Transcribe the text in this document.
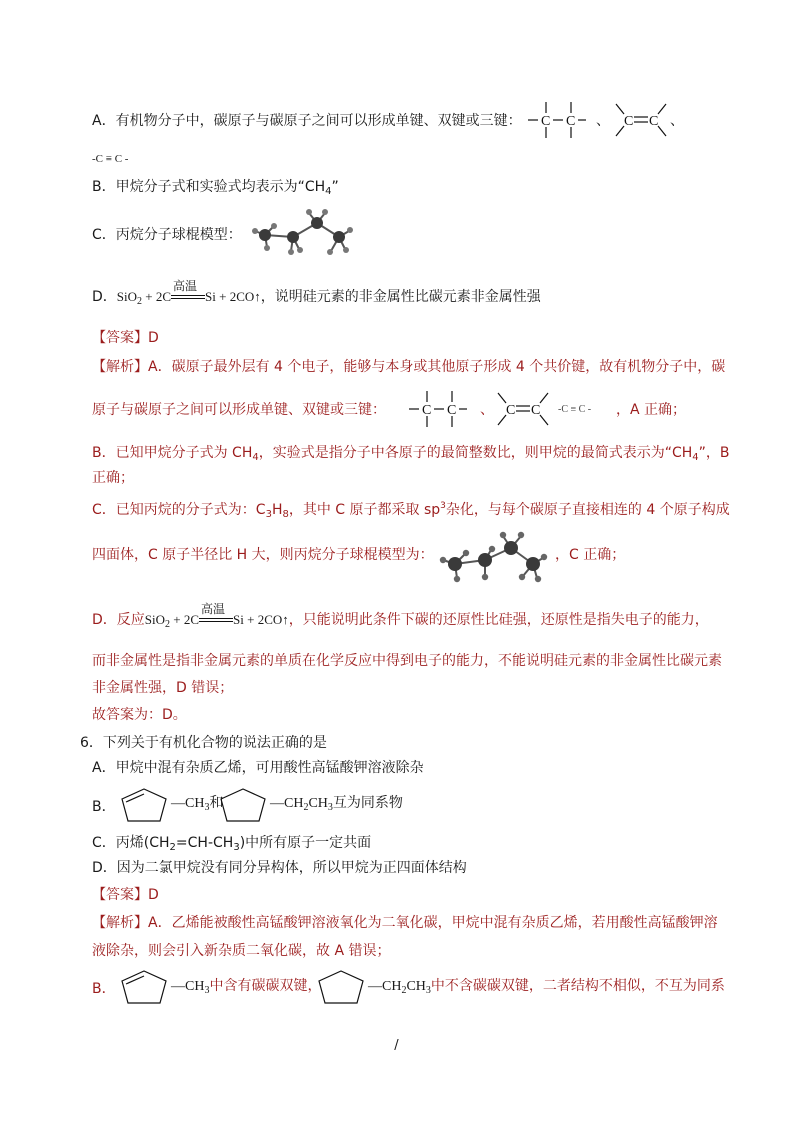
A．有机物分子中，碳原子与碳原子之间可以形成单键、双键或三键： C C 、 C C 、
-C ≡ C -
B．甲烷分子式和实验式均表示为“$CH_4$”
C．丙烷分子球棍模型：
D．SiO$_2$ + 2C
高温
Si + 2CO↑，说明硅元素的非金属性比碳元素非金属性强
【答案】D
【解析】A．碳原子最外层有 4 个电子，能够与本身或其他原子形成 4 个共价键，故有机物分子中，碳
原子与碳原子之间可以形成单键、双键或三键：	C C 、 C C -C ≡ C - ，A 正确；
B．已知甲烷分子式为 $CH_4$，实验式是指分子中各原子的最简整数比，则甲烷的最简式表示为“$CH_4$”，B
正确；
C．已知丙烷的分子式为：$C_3H_8$，其中 C 原子都采取 $sp^3$杂化，与每个碳原子直接相连的 4 个原子构成
四面体，C 原子半径比 H 大，则丙烷分子球棍模型为：	，C 正确；
D．反应SiO$_2$ + 2C
高温
Si + 2CO↑，只能说明此条件下碳的还原性比硅强，还原性是指失电子的能力，
而非金属性是指非金属元素的单质在化学反应中得到电子的能力，不能说明硅元素的非金属性比碳元素
非金属性强，D 错误；
故答案为：D。
6．下列关于有机化合物的说法正确的是
A．甲烷中混有杂质乙烯，可用酸性高锰酸钾溶液除杂
B．	$—CH_3$和	$—CH_2CH_3$互为同系物
C．丙烯$(CH_2=CH-CH_3)$中所有原子一定共面
D．因为二氯甲烷没有同分异构体，所以甲烷为正四面体结构
【答案】D
【解析】A．乙烯能被酸性高锰酸钾溶液氧化为二氧化碳，甲烷中混有杂质乙烯，若用酸性高锰酸钾溶
液除杂，则会引入新杂质二氧化碳，故 A 错误；
B．	$—CH_3$中含有碳碳双键，	$—CH_2CH_3$中不含碳碳双键，二者结构不相似，不互为同系
/
